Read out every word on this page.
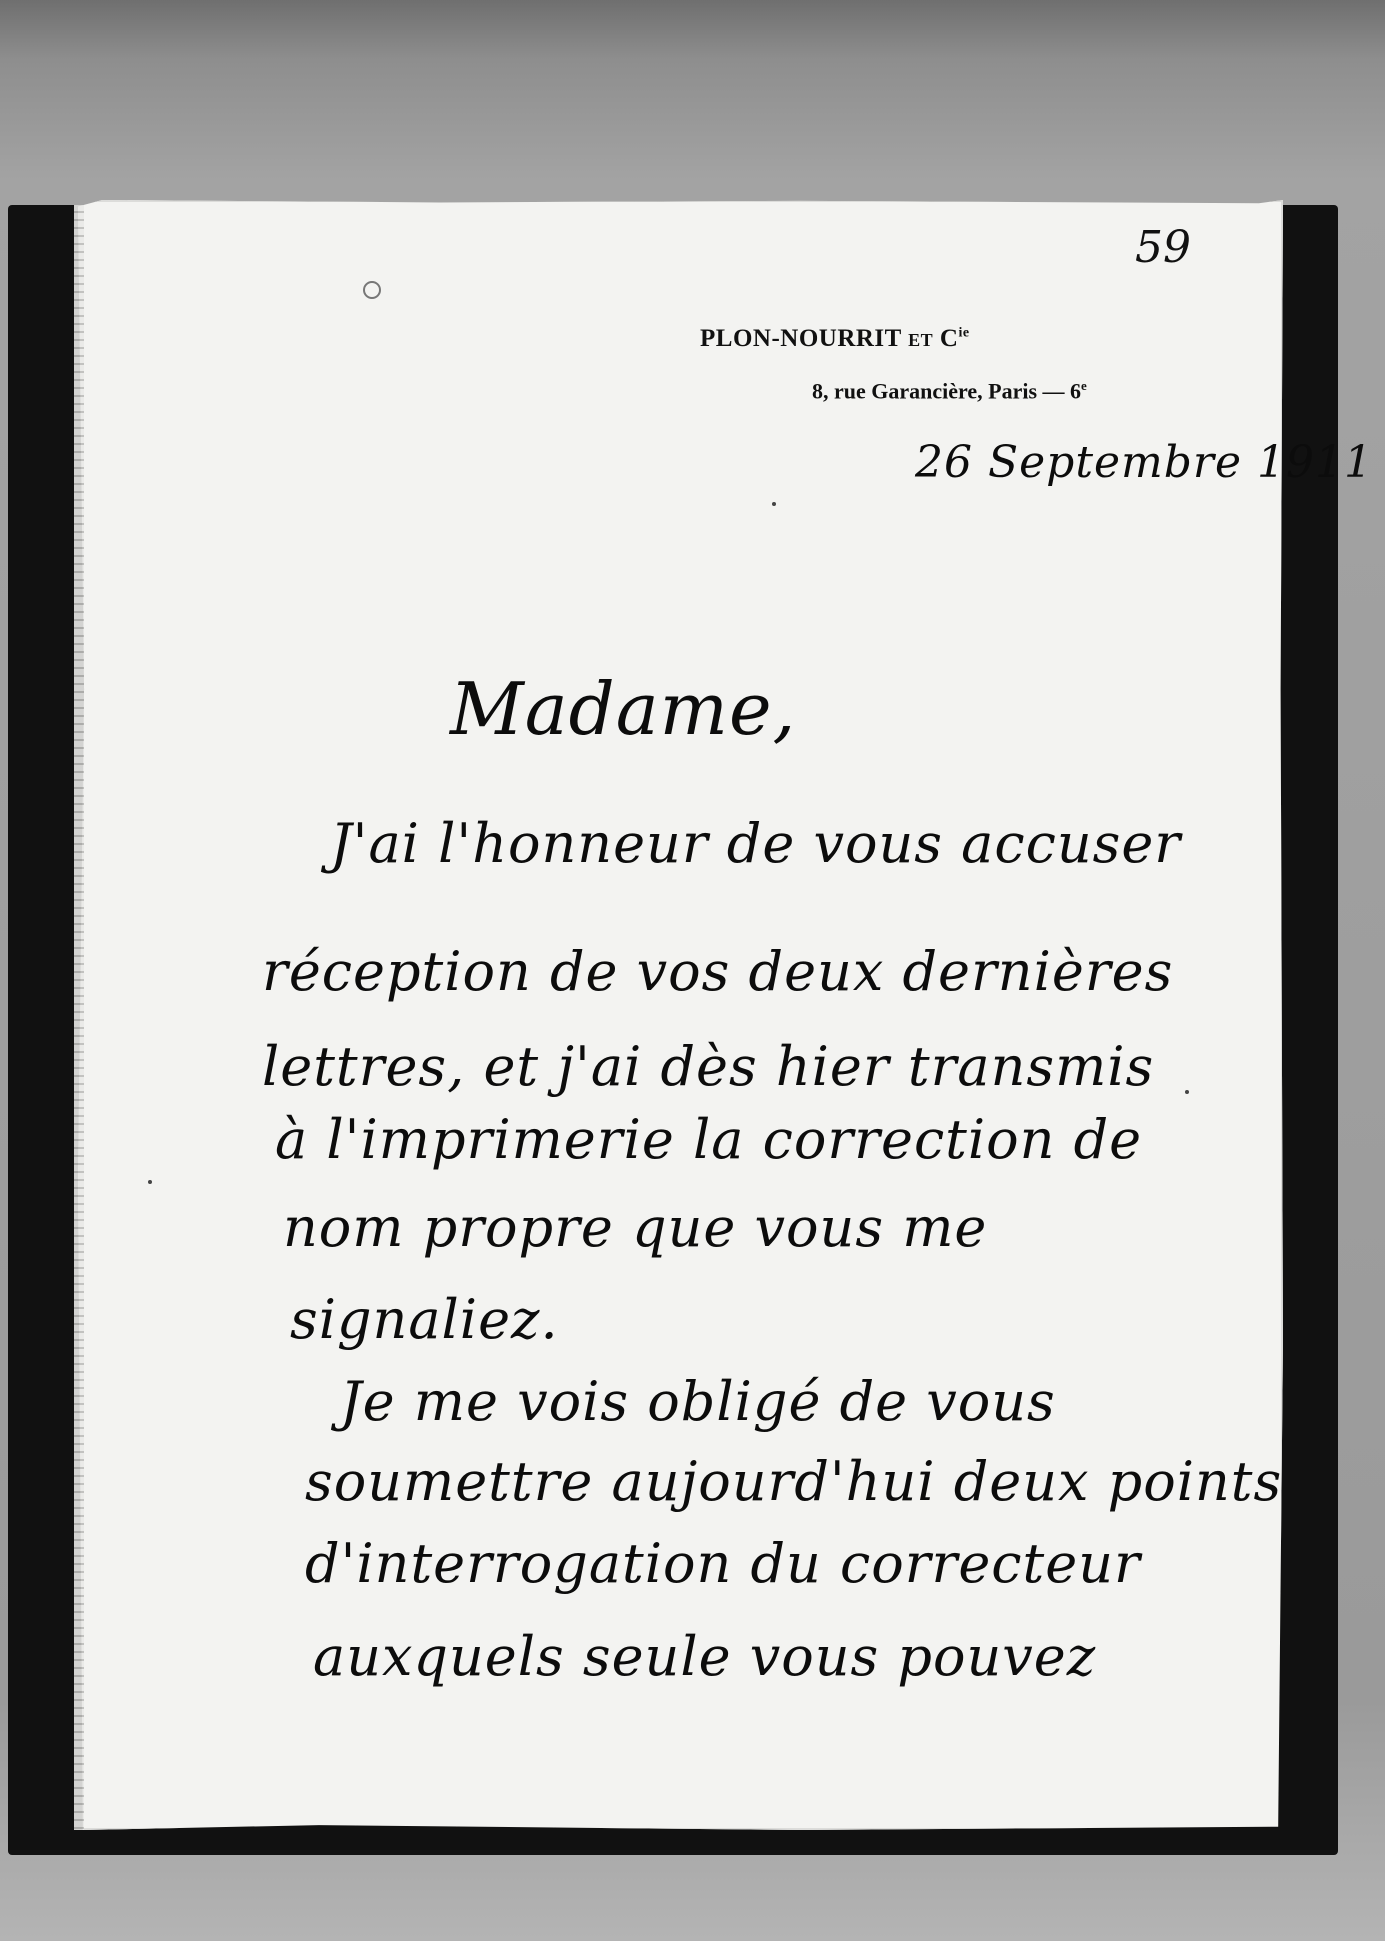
59
PLON-NOURRIT ET $C^{ie}$
8, rue Garancière, Paris — 6e
26 Septembre 1911
Madame,
J'ai l'honneur de vous accuser
réception de vos deux dernières
lettres, et j'ai dès hier transmis
à l'imprimerie la correction de
nom propre que vous me
signaliez.
Je me vois obligé de vous
soumettre aujourd'hui deux points
d'interrogation du correcteur
auxquels seule vous pouvez
